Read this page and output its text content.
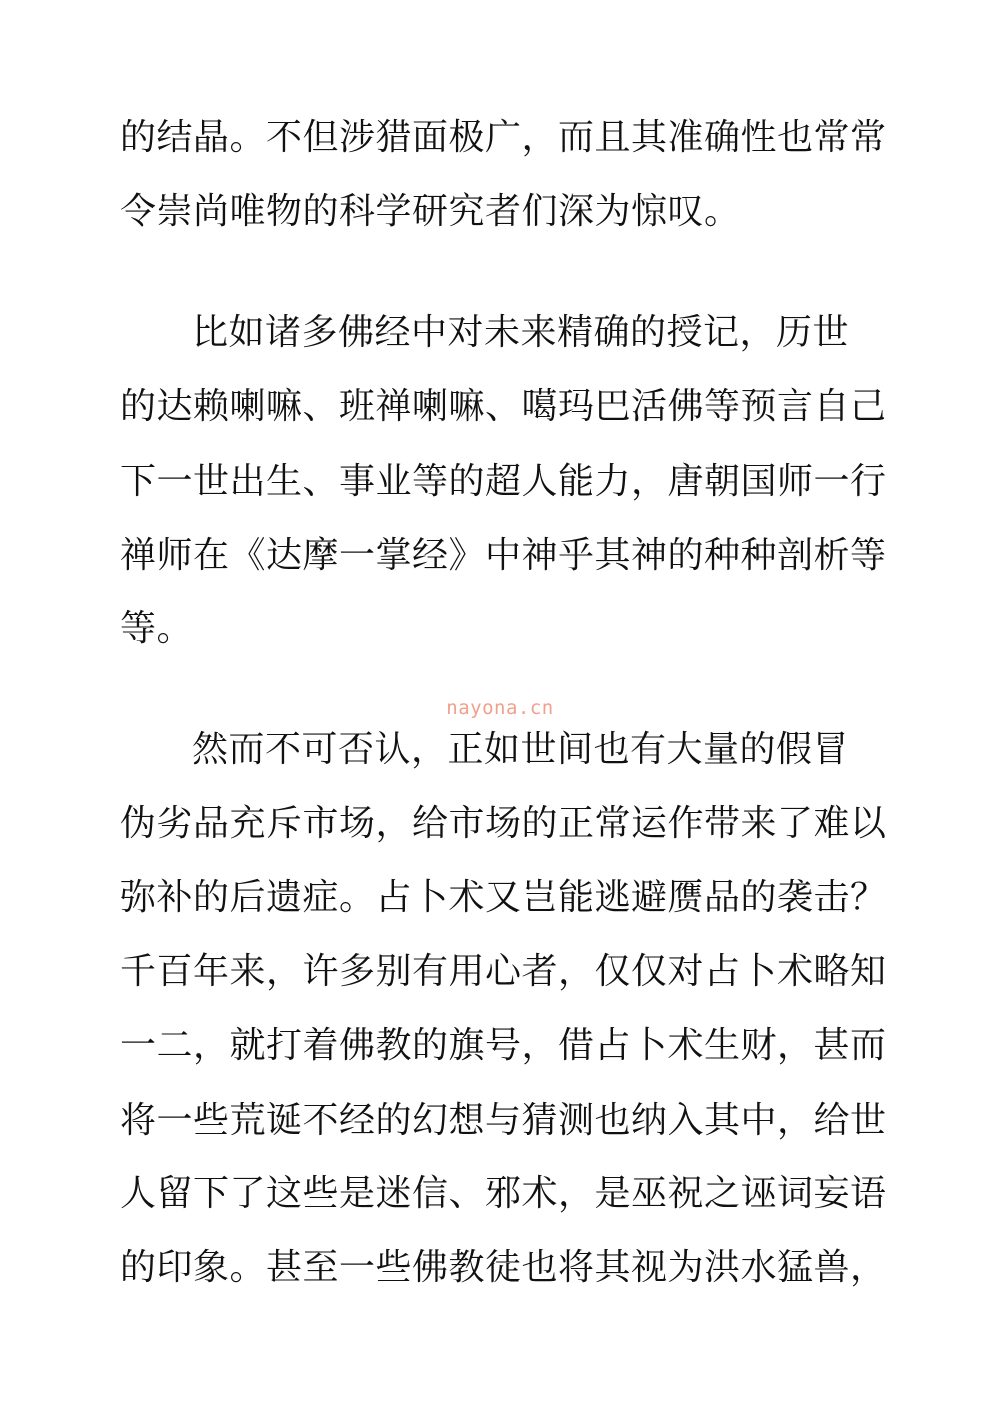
的结晶。不但涉猎面极广，而且其准确性也常常
令崇尚唯物的科学研究者们深为惊叹。
比如诸多佛经中对未来精确的授记，历世
的达赖喇嘛、班禅喇嘛、噶玛巴活佛等预言自己
下一世出生、事业等的超人能力，唐朝国师一行
禅师在《达摩一掌经》中神乎其神的种种剖析等
等。
nayona.cn
然而不可否认，正如世间也有大量的假冒
伪劣品充斥市场，给市场的正常运作带来了难以
弥补的后遗症。占卜术又岂能逃避赝品的袭击？
千百年来，许多别有用心者，仅仅对占卜术略知
一二，就打着佛教的旗号，借占卜术生财，甚而
将一些荒诞不经的幻想与猜测也纳入其中，给世
人留下了这些是迷信、邪术，是巫祝之诬词妄语
的印象。甚至一些佛教徒也将其视为洪水猛兽，
